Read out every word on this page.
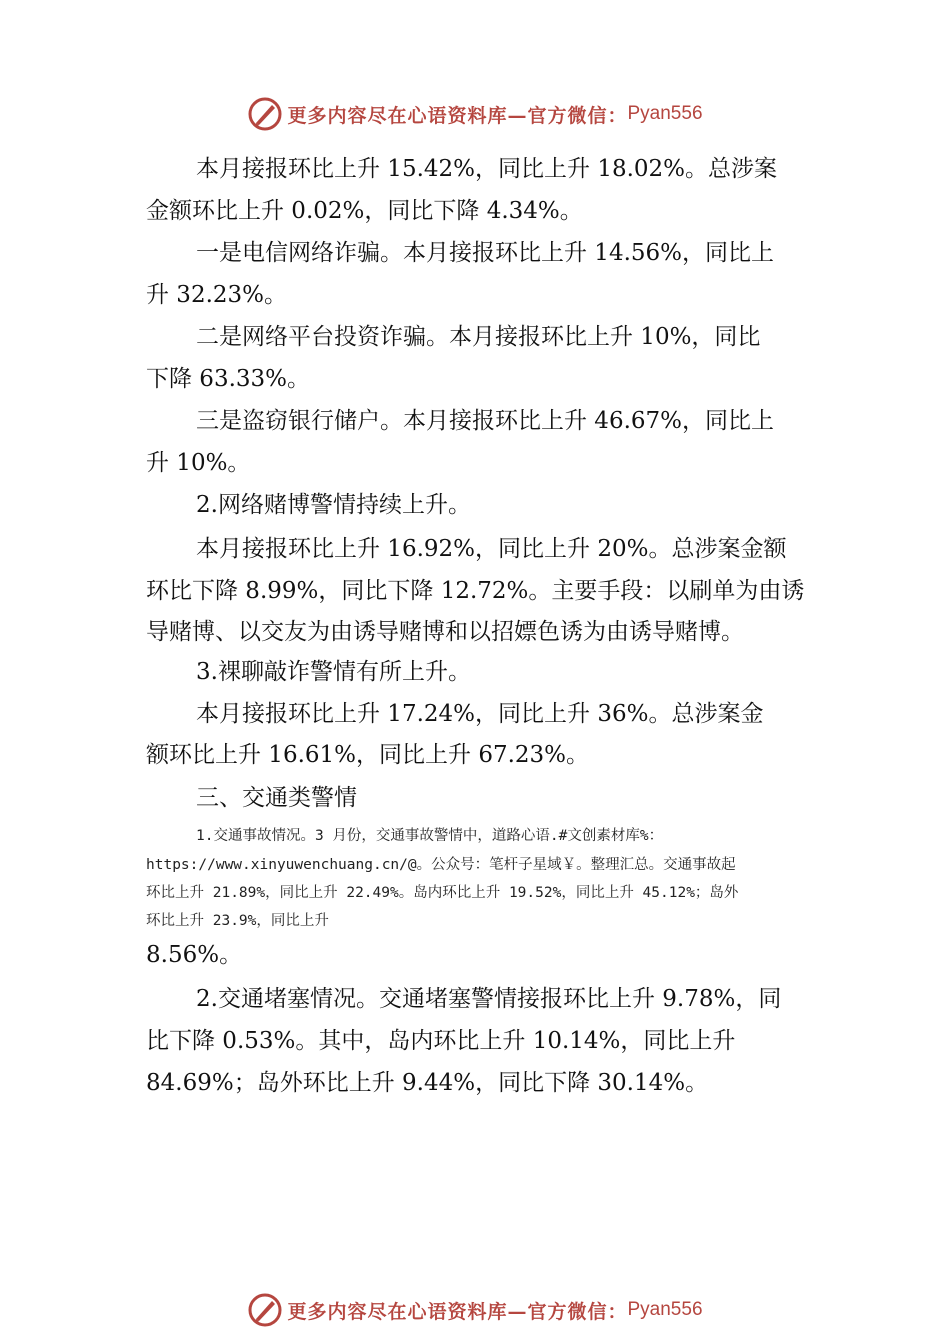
更多内容尽在心语资料库—官方微信： Pyan556
本月接报环比上升 15.42%，同比上升 18.02%。总涉案
金额环比上升 0.02%，同比下降 4.34%。
一是电信网络诈骗。本月接报环比上升 14.56%，同比上
升 32.23%。
二是网络平台投资诈骗。本月接报环比上升 10%，同比
下降 63.33%。
三是盗窃银行储户。本月接报环比上升 46.67%，同比上
升 10%。
2.网络赌博警情持续上升。
本月接报环比上升 16.92%，同比上升 20%。总涉案金额
环比下降 8.99%，同比下降 12.72%。主要手段：以刷单为由诱
导赌博、以交友为由诱导赌博和以招嫖色诱为由诱导赌博。
3.裸聊敲诈警情有所上升。
本月接报环比上升 17.24%，同比上升 36%。总涉案金
额环比上升 16.61%，同比上升 67.23%。
三、交通类警情
1.交通事故情况。3 月份，交通事故警情中，道路心语.#文创素材库%：
https://www.xinyuwenchuang.cn/@。公众号：笔杆子星域￥。整理汇总。交通事故起
环比上升 21.89%，同比上升 22.49%。岛内环比上升 19.52%，同比上升 45.12%；岛外
环比上升 23.9%，同比上升
8.56%。
2.交通堵塞情况。交通堵塞警情接报环比上升 9.78%，同
比下降 0.53%。其中，岛内环比上升 10.14%，同比上升
84.69%；岛外环比上升 9.44%，同比下降 30.14%。
更多内容尽在心语资料库—官方微信： Pyan556
